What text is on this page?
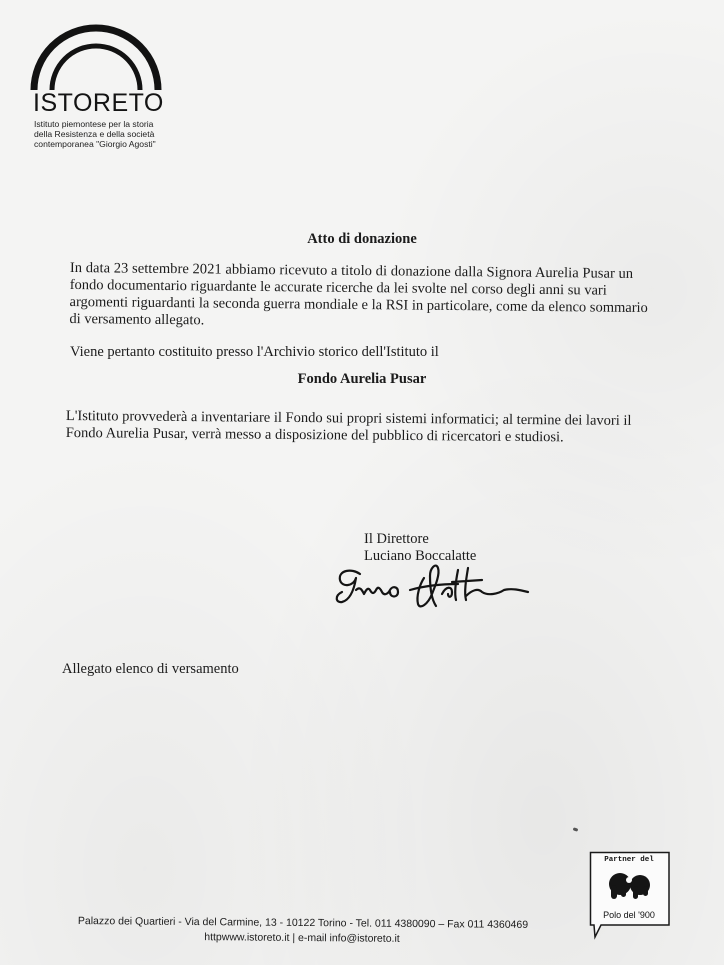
ISTORETO
Istituto piemontese per la storia
della Resistenza e della società
contemporanea "Giorgio Agosti"
Atto di donazione
In data 23 settembre 2021 abbiamo ricevuto a titolo di donazione dalla Signora Aurelia Pusar un
fondo documentario riguardante le accurate ricerche da lei svolte nel corso degli anni su vari
argomenti riguardanti la seconda guerra mondiale e la RSI in particolare, come da elenco sommario
di versamento allegato.
Viene pertanto costituito presso l'Archivio storico dell'Istituto il
Fondo Aurelia Pusar
L'Istituto provvederà a inventariare il Fondo sui propri sistemi informatici; al termine dei lavori il
Fondo Aurelia Pusar, verrà messo a disposizione del pubblico di ricercatori e studiosi.
Il Direttore
Luciano Boccalatte
Allegato elenco di versamento
Palazzo dei Quartieri - Via del Carmine, 13 - 10122 Torino - Tel. 011 4380090 – Fax 011 4360469
httpwww.istoreto.it | e-mail info@istoreto.it
Partner del
Polo del '900
